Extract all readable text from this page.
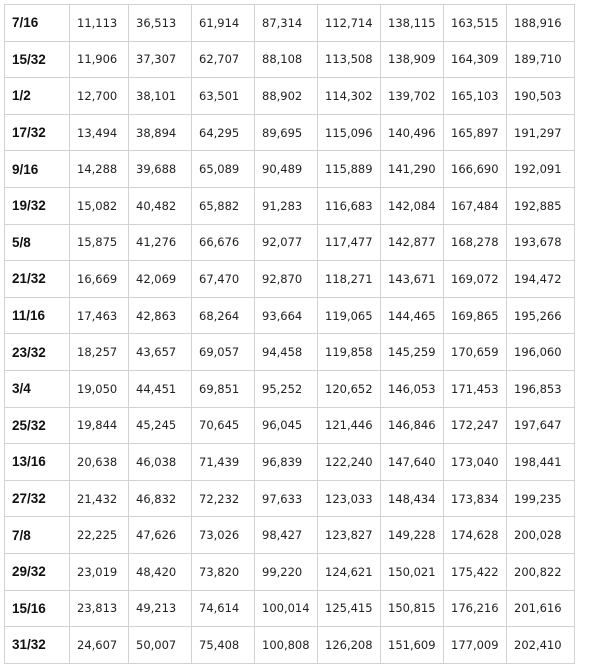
7/16	11,113	36,513	61,914	87,314	112,714	138,115	163,515	188,916
15/32	11,906	37,307	62,707	88,108	113,508	138,909	164,309	189,710
1/2	12,700	38,101	63,501	88,902	114,302	139,702	165,103	190,503
17/32	13,494	38,894	64,295	89,695	115,096	140,496	165,897	191,297
9/16	14,288	39,688	65,089	90,489	115,889	141,290	166,690	192,091
19/32	15,082	40,482	65,882	91,283	116,683	142,084	167,484	192,885
5/8	15,875	41,276	66,676	92,077	117,477	142,877	168,278	193,678
21/32	16,669	42,069	67,470	92,870	118,271	143,671	169,072	194,472
11/16	17,463	42,863	68,264	93,664	119,065	144,465	169,865	195,266
23/32	18,257	43,657	69,057	94,458	119,858	145,259	170,659	196,060
3/4	19,050	44,451	69,851	95,252	120,652	146,053	171,453	196,853
25/32	19,844	45,245	70,645	96,045	121,446	146,846	172,247	197,647
13/16	20,638	46,038	71,439	96,839	122,240	147,640	173,040	198,441
27/32	21,432	46,832	72,232	97,633	123,033	148,434	173,834	199,235
7/8	22,225	47,626	73,026	98,427	123,827	149,228	174,628	200,028
29/32	23,019	48,420	73,820	99,220	124,621	150,021	175,422	200,822
15/16	23,813	49,213	74,614	100,014	125,415	150,815	176,216	201,616
31/32	24,607	50,007	75,408	100,808	126,208	151,609	177,009	202,410
